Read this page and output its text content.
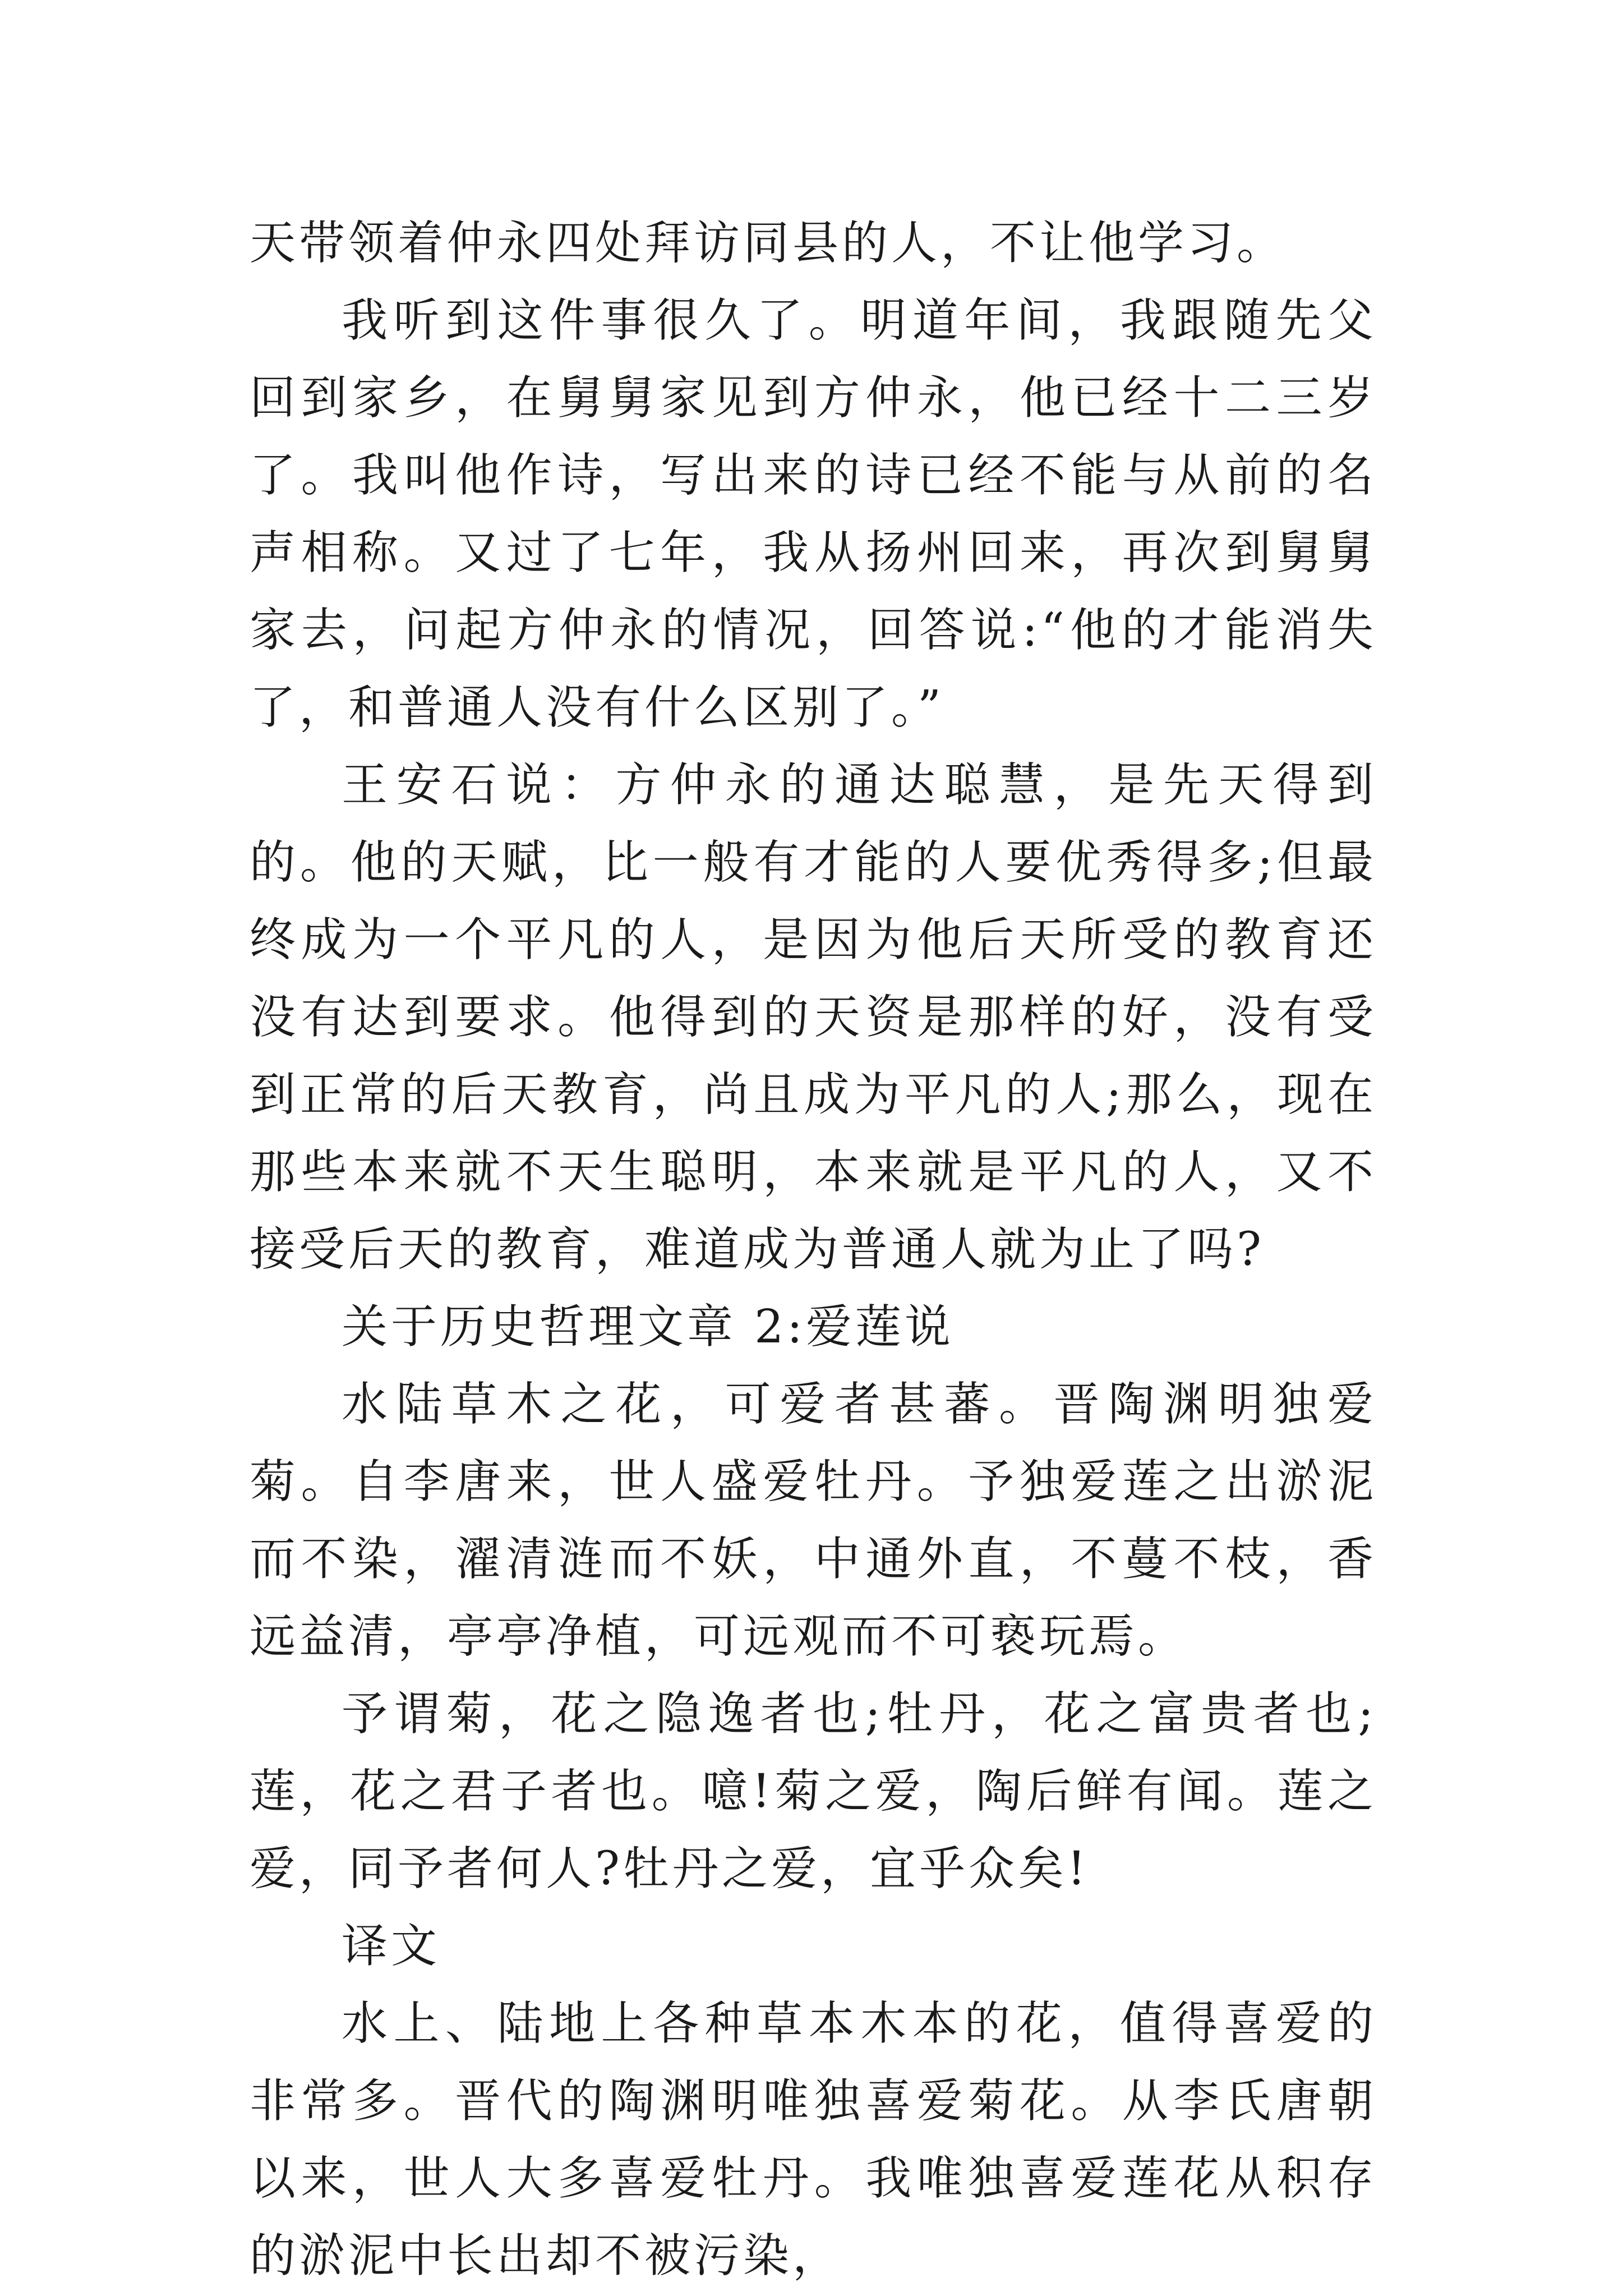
天带领着仲永四处拜访同县的人，不让他学习。

我听到这件事很久了。明道年间，我跟随先父回到家乡，在舅舅家见到方仲永，他已经十二三岁了。我叫他作诗，写出来的诗已经不能与从前的名声相称。又过了七年，我从扬州回来，再次到舅舅家去，问起方仲永的情况，回答说:“他的才能消失了，和普通人没有什么区别了。”

王安石说：方仲永的通达聪慧，是先天得到的。他的天赋，比一般有才能的人要优秀得多;但最终成为一个平凡的人，是因为他后天所受的教育还没有达到要求。他得到的天资是那样的好，没有受到正常的后天教育，尚且成为平凡的人;那么，现在那些本来就不天生聪明，本来就是平凡的人，又不接受后天的教育，难道成为普通人就为止了吗?

关于历史哲理文章 2:爱莲说

水陆草木之花，可爱者甚蕃。晋陶渊明独爱菊。自李唐来，世人盛爱牡丹。予独爱莲之出淤泥而不染，濯清涟而不妖，中通外直，不蔓不枝，香远益清，亭亭净植，可远观而不可亵玩焉。

予谓菊，花之隐逸者也;牡丹，花之富贵者也;莲，花之君子者也。噫!菊之爱，陶后鲜有闻。莲之爱，同予者何人?牡丹之爱，宜乎众矣!

译文

水上、陆地上各种草本木本的花，值得喜爱的非常多。晋代的陶渊明唯独喜爱菊花。从李氏唐朝以来，世人大多喜爱牡丹。我唯独喜爱莲花从积存的淤泥中长出却不被污染，
